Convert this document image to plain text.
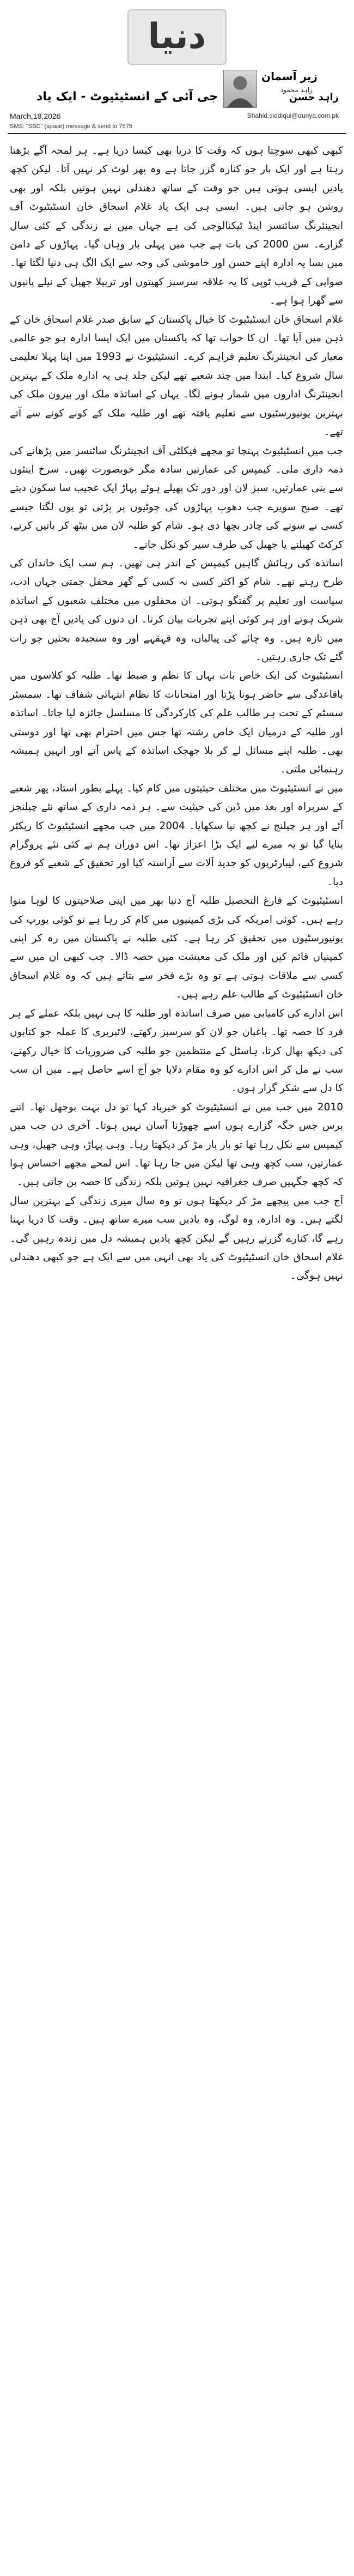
دنیا
زیر آسمان
زاہد محمود
جی آئی کے انسٹیٹیوٹ - ایک یاد	زاہد حسن
March,18,2026	Shahid.siddiqui@dunya.com.pk
SMS: "SSC" (space) message & send to 7575

کبھی کبھی سوچتا ہوں کہ وقت کا دریا بھی کیسا دریا ہے۔ ہر لمحہ آگے بڑھتا رہتا ہے اور ایک بار جو کنارہ گزر جاتا ہے وہ پھر لوٹ کر نہیں آتا۔ لیکن کچھ یادیں ایسی ہوتی ہیں جو وقت کے ساتھ دھندلی نہیں ہوتیں بلکہ اور بھی روشن ہو جاتی ہیں۔ ایسی ہی ایک یاد غلام اسحاق خان انسٹیٹیوٹ آف انجینئرنگ سائنسز اینڈ ٹیکنالوجی کی ہے جہاں میں نے زندگی کے کئی سال گزارے۔ سن 2000 کی بات ہے جب میں پہلی بار وہاں گیا۔ پہاڑوں کے دامن میں بسا یہ ادارہ اپنے حسن اور خاموشی کی وجہ سے ایک الگ ہی دنیا لگتا تھا۔ صوابی کے قریب ٹوپی کا یہ علاقہ سرسبز کھیتوں اور تربیلا جھیل کے نیلے پانیوں سے گھرا ہوا ہے۔

غلام اسحاق خان انسٹیٹیوٹ کا خیال پاکستان کے سابق صدر غلام اسحاق خان کے ذہن میں آیا تھا۔ ان کا خواب تھا کہ پاکستان میں ایک ایسا ادارہ ہو جو عالمی معیار کی انجینئرنگ تعلیم فراہم کرے۔ انسٹیٹیوٹ نے 1993 میں اپنا پہلا تعلیمی سال شروع کیا۔ ابتدا میں چند شعبے تھے لیکن جلد ہی یہ ادارہ ملک کے بہترین انجینئرنگ اداروں میں شمار ہونے لگا۔ یہاں کے اساتذہ ملک اور بیرون ملک کی بہترین یونیورسٹیوں سے تعلیم یافتہ تھے اور طلبہ ملک کے کونے کونے سے آتے تھے۔

جب میں انسٹیٹیوٹ پہنچا تو مجھے فیکلٹی آف انجینئرنگ سائنسز میں پڑھانے کی ذمہ داری ملی۔ کیمپس کی عمارتیں سادہ مگر خوبصورت تھیں۔ سرخ اینٹوں سے بنی عمارتیں، سبز لان اور دور تک پھیلے ہوئے پہاڑ ایک عجیب سا سکون دیتے تھے۔ صبح سویرے جب دھوپ پہاڑوں کی چوٹیوں پر پڑتی تو یوں لگتا جیسے کسی نے سونے کی چادر بچھا دی ہو۔ شام کو طلبہ لان میں بیٹھ کر باتیں کرتے، کرکٹ کھیلتے یا جھیل کی طرف سیر کو نکل جاتے۔

اساتذہ کی رہائش گاہیں کیمپس کے اندر ہی تھیں۔ ہم سب ایک خاندان کی طرح رہتے تھے۔ شام کو اکثر کسی نہ کسی کے گھر محفل جمتی جہاں ادب، سیاست اور تعلیم پر گفتگو ہوتی۔ ان محفلوں میں مختلف شعبوں کے اساتذہ شریک ہوتے اور ہر کوئی اپنے تجربات بیان کرتا۔ ان دنوں کی یادیں آج بھی ذہن میں تازہ ہیں۔ وہ چائے کی پیالیاں، وہ قہقہے اور وہ سنجیدہ بحثیں جو رات گئے تک جاری رہتیں۔

انسٹیٹیوٹ کی ایک خاص بات یہاں کا نظم و ضبط تھا۔ طلبہ کو کلاسوں میں باقاعدگی سے حاضر ہونا پڑتا اور امتحانات کا نظام انتہائی شفاف تھا۔ سمسٹر سسٹم کے تحت ہر طالب علم کی کارکردگی کا مسلسل جائزہ لیا جاتا۔ اساتذہ اور طلبہ کے درمیان ایک خاص رشتہ تھا جس میں احترام بھی تھا اور دوستی بھی۔ طلبہ اپنے مسائل لے کر بلا جھجک اساتذہ کے پاس آتے اور انہیں ہمیشہ رہنمائی ملتی۔

میں نے انسٹیٹیوٹ میں مختلف حیثیتوں میں کام کیا۔ پہلے بطور استاد، پھر شعبے کے سربراہ اور بعد میں ڈین کی حیثیت سے۔ ہر ذمہ داری کے ساتھ نئے چیلنجز آئے اور ہر چیلنج نے کچھ نیا سکھایا۔ 2004 میں جب مجھے انسٹیٹیوٹ کا ریکٹر بنایا گیا تو یہ میرے لیے ایک بڑا اعزاز تھا۔ اس دوران ہم نے کئی نئے پروگرام شروع کیے، لیبارٹریوں کو جدید آلات سے آراستہ کیا اور تحقیق کے شعبے کو فروغ دیا۔

انسٹیٹیوٹ کے فارغ التحصیل طلبہ آج دنیا بھر میں اپنی صلاحیتوں کا لوہا منوا رہے ہیں۔ کوئی امریکہ کی بڑی کمپنیوں میں کام کر رہا ہے تو کوئی یورپ کی یونیورسٹیوں میں تحقیق کر رہا ہے۔ کئی طلبہ نے پاکستان میں رہ کر اپنی کمپنیاں قائم کیں اور ملک کی معیشت میں حصہ ڈالا۔ جب کبھی ان میں سے کسی سے ملاقات ہوتی ہے تو وہ بڑے فخر سے بتاتے ہیں کہ وہ غلام اسحاق خان انسٹیٹیوٹ کے طالب علم رہے ہیں۔

اس ادارے کی کامیابی میں صرف اساتذہ اور طلبہ کا ہی نہیں بلکہ عملے کے ہر فرد کا حصہ تھا۔ باغبان جو لان کو سرسبز رکھتے، لائبریری کا عملہ جو کتابوں کی دیکھ بھال کرتا، ہاسٹل کے منتظمین جو طلبہ کی ضروریات کا خیال رکھتے، سب نے مل کر اس ادارے کو وہ مقام دلایا جو آج اسے حاصل ہے۔ میں ان سب کا دل سے شکر گزار ہوں۔

2010 میں جب میں نے انسٹیٹیوٹ کو خیرباد کہا تو دل بہت بوجھل تھا۔ اتنے برس جس جگہ گزارے ہوں اسے چھوڑنا آسان نہیں ہوتا۔ آخری دن جب میں کیمپس سے نکل رہا تھا تو بار بار مڑ کر دیکھتا رہا۔ وہی پہاڑ، وہی جھیل، وہی عمارتیں، سب کچھ وہی تھا لیکن میں جا رہا تھا۔ اس لمحے مجھے احساس ہوا کہ کچھ جگہیں صرف جغرافیہ نہیں ہوتیں بلکہ زندگی کا حصہ بن جاتی ہیں۔

آج جب میں پیچھے مڑ کر دیکھتا ہوں تو وہ سال میری زندگی کے بہترین سال لگتے ہیں۔ وہ ادارہ، وہ لوگ، وہ یادیں سب میرے ساتھ ہیں۔ وقت کا دریا بہتا رہے گا، کنارے گزرتے رہیں گے لیکن کچھ یادیں ہمیشہ دل میں زندہ رہیں گی۔ غلام اسحاق خان انسٹیٹیوٹ کی یاد بھی انہی میں سے ایک ہے جو کبھی دھندلی نہیں ہوگی۔
